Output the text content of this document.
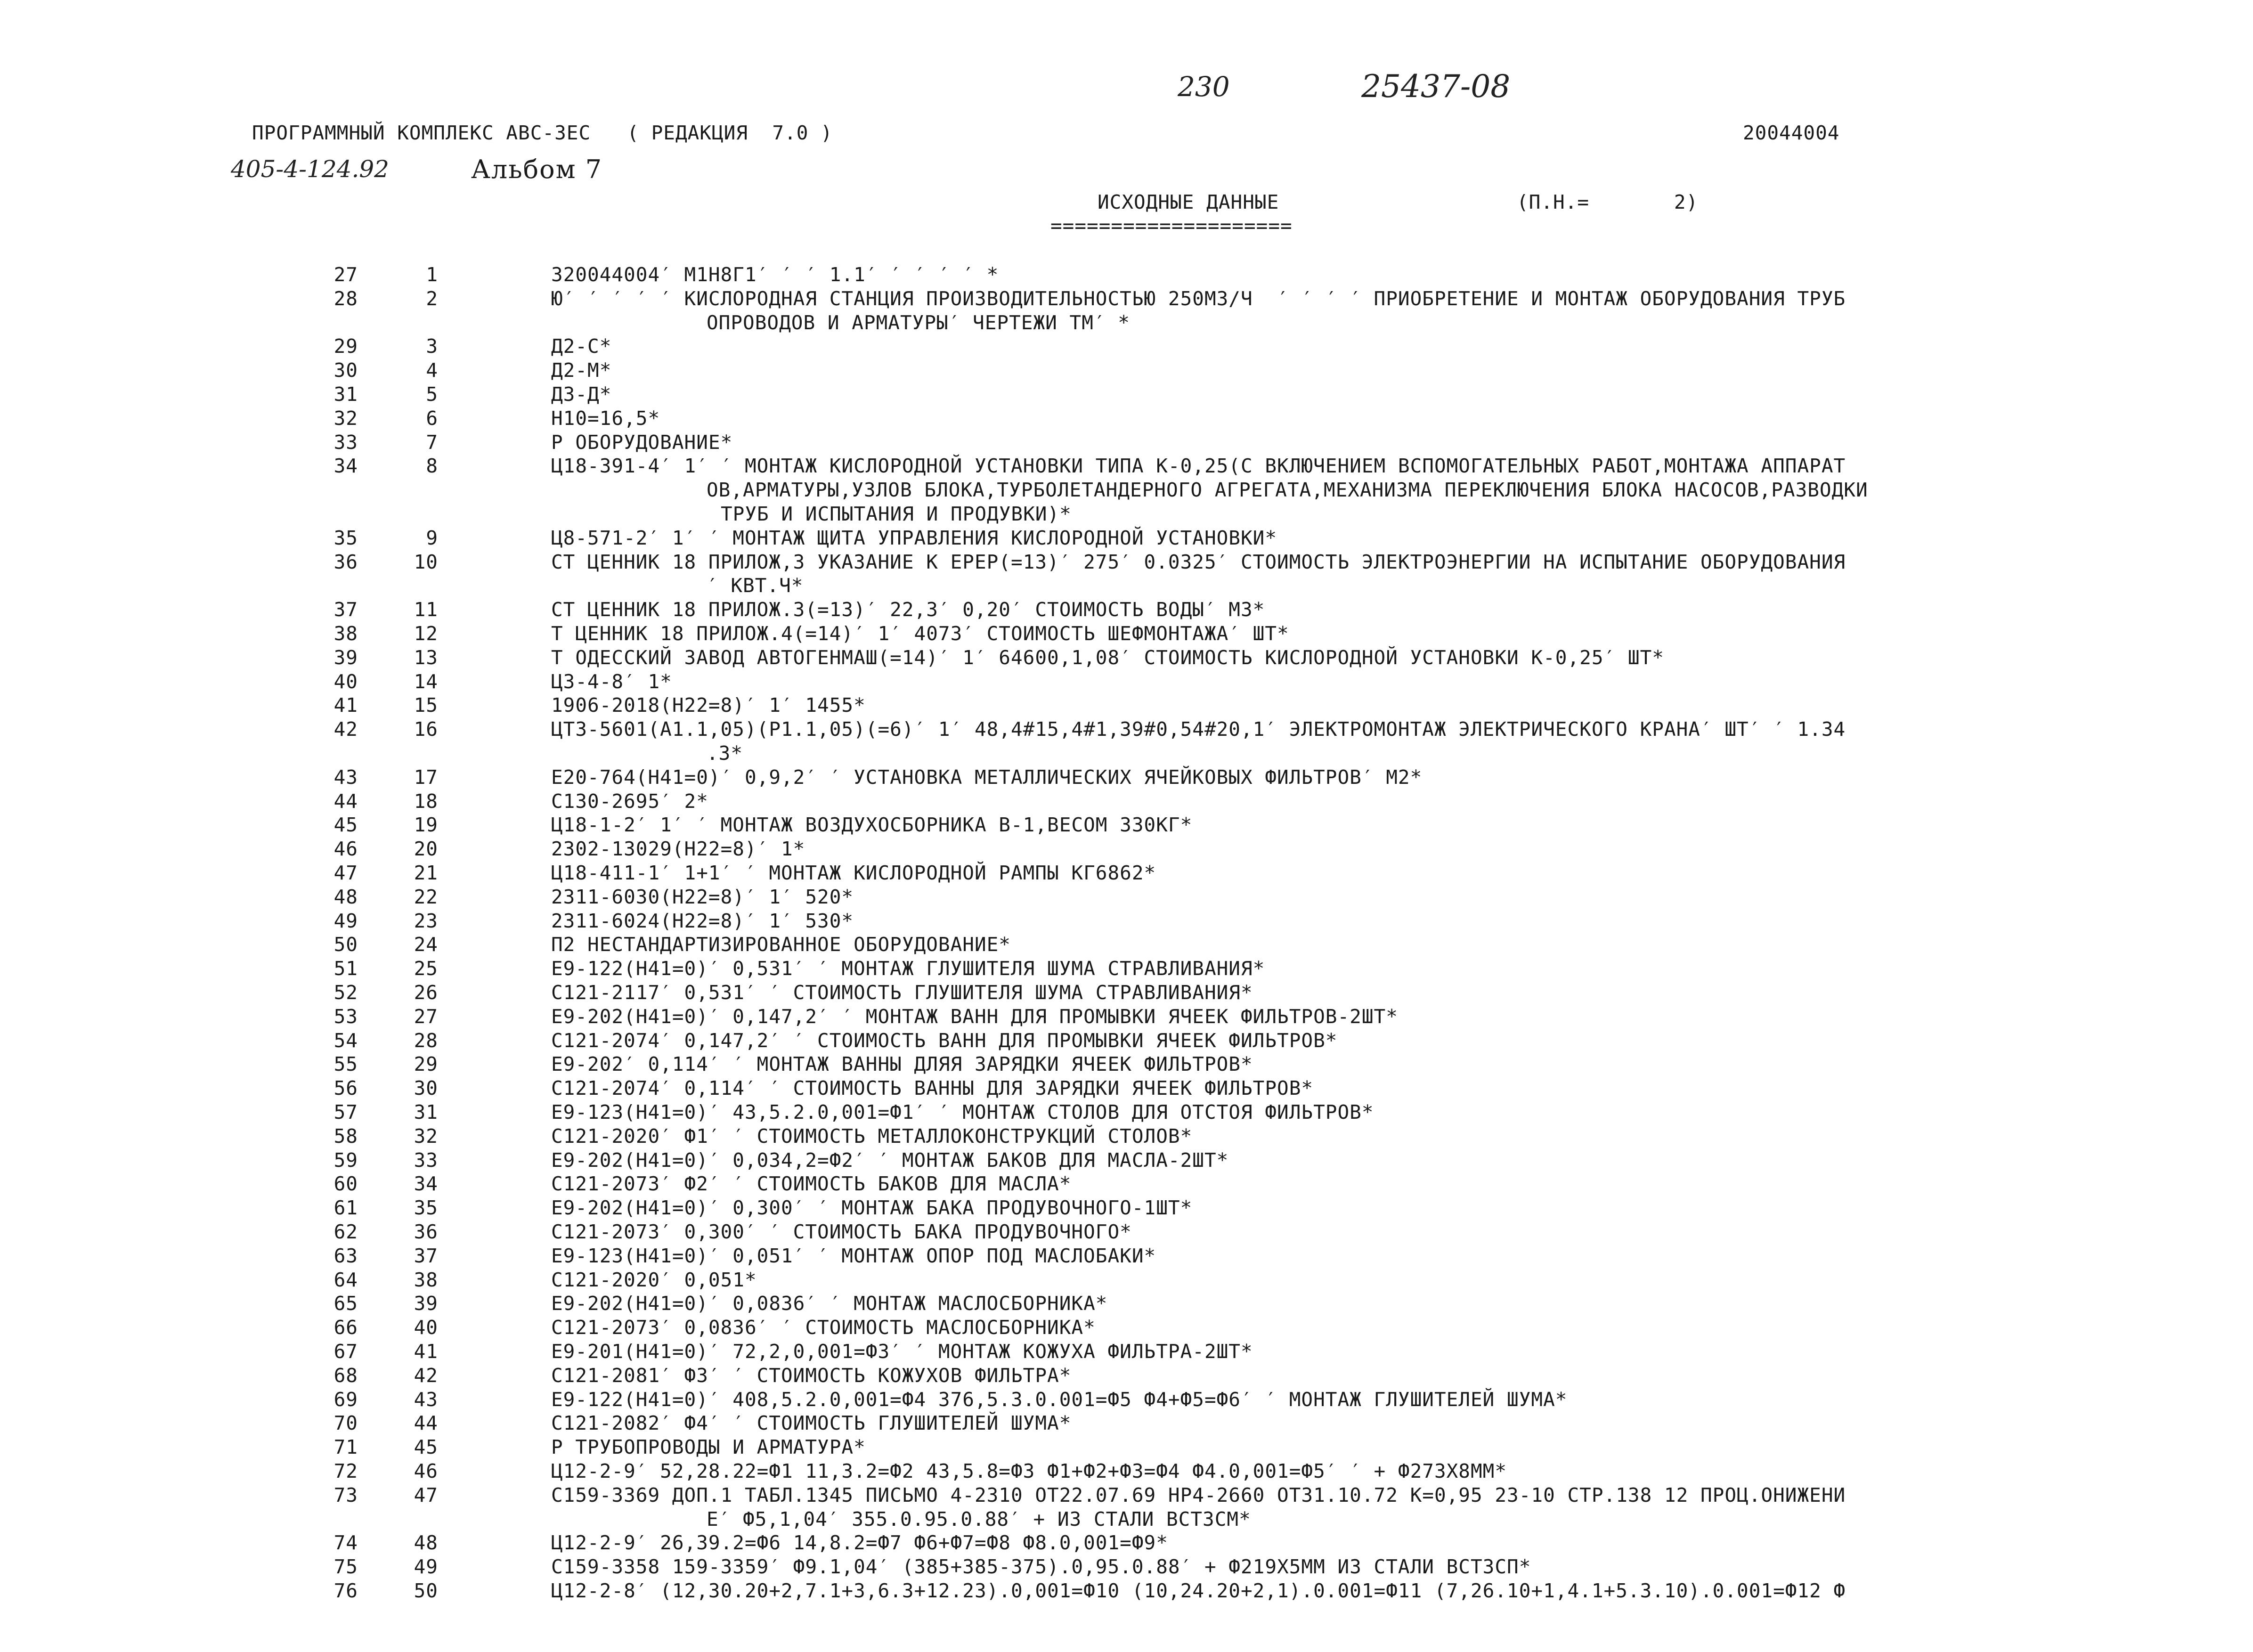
230	25437-08
ПРОГРАММНЫЙ КОМПЛЕКС АВС-3ЕС   ( РЕДАКЦИЯ  7.0 )	20044004
405-4-124.92	Альбом 7
ИСХОДНЫЕ ДАННЫЕ
====================
(П.Н.=       2)
27	1	320044004′ М1Н8Г1′ ′ ′ 1.1′ ′ ′ ′ ′ *
28	2	Ю′ ′ ′ ′ ′ КИСЛОРОДНАЯ СТАНЦИЯ ПРОИЗВОДИТЕЛЬНОСТЬЮ 250М3/Ч  ′ ′ ′ ′ ПРИОБРЕТЕНИЕ И МОНТАЖ ОБОРУДОВАНИЯ ТРУБ
ОПРОВОДОВ И АРМАТУРЫ′ ЧЕРТЕЖИ ТМ′ *
29	3	Д2-С*
30	4	Д2-М*
31	5	Д3-Д*
32	6	Н10=16,5*
33	7	Р ОБОРУДОВАНИЕ*
34	8	Ц18-391-4′ 1′ ′ МОНТАЖ КИСЛОРОДНОЙ УСТАНОВКИ ТИПА К-0,25(С ВКЛЮЧЕНИЕМ ВСПОМОГАТЕЛЬНЫХ РАБОТ,МОНТАЖА АППАРАТ
ОВ,АРМАТУРЫ,УЗЛОВ БЛОКА,ТУРБОЛЕТАНДЕРНОГО АГРЕГАТА,МЕХАНИЗМА ПЕРЕКЛЮЧЕНИЯ БЛОКА НАСОСОВ,РАЗВОДКИ
ТРУБ И ИСПЫТАНИЯ И ПРОДУВКИ)*
35	9	Ц8-571-2′ 1′ ′ МОНТАЖ ЩИТА УПРАВЛЕНИЯ КИСЛОРОДНОЙ УСТАНОВКИ*
36	10	СТ ЦЕННИК 18 ПРИЛОЖ,3 УКАЗАНИЕ К ЕРЕР(=13)′ 275′ 0.0325′ СТОИМОСТЬ ЭЛЕКТРОЭНЕРГИИ НА ИСПЫТАНИЕ ОБОРУДОВАНИЯ
′ КВТ.Ч*
37	11	СТ ЦЕННИК 18 ПРИЛОЖ.3(=13)′ 22,3′ 0,20′ СТОИМОСТЬ ВОДЫ′ М3*
38	12	Т ЦЕННИК 18 ПРИЛОЖ.4(=14)′ 1′ 4073′ СТОИМОСТЬ ШЕФМОНТАЖА′ ШТ*
39	13	Т ОДЕССКИЙ ЗАВОД АВТОГЕНМАШ(=14)′ 1′ 64600,1,08′ СТОИМОСТЬ КИСЛОРОДНОЙ УСТАНОВКИ К-0,25′ ШТ*
40	14	Ц3-4-8′ 1*
41	15	1906-2018(Н22=8)′ 1′ 1455*
42	16	ЦТ3-5601(А1.1,05)(Р1.1,05)(=6)′ 1′ 48,4#15,4#1,39#0,54#20,1′ ЭЛЕКТРОМОНТАЖ ЭЛЕКТРИЧЕСКОГО КРАНА′ ШТ′ ′ 1.34
.3*
43	17	Е20-764(Н41=0)′ 0,9,2′ ′ УСТАНОВКА МЕТАЛЛИЧЕСКИХ ЯЧЕЙКОВЫХ ФИЛЬТРОВ′ М2*
44	18	С130-2695′ 2*
45	19	Ц18-1-2′ 1′ ′ МОНТАЖ ВОЗДУХОСБОРНИКА В-1,ВЕСОМ 330КГ*
46	20	2302-13029(Н22=8)′ 1*
47	21	Ц18-411-1′ 1+1′ ′ МОНТАЖ КИСЛОРОДНОЙ РАМПЫ КГ6862*
48	22	2311-6030(Н22=8)′ 1′ 520*
49	23	2311-6024(Н22=8)′ 1′ 530*
50	24	П2 НЕСТАНДАРТИЗИРОВАННОЕ ОБОРУДОВАНИЕ*
51	25	Е9-122(Н41=0)′ 0,531′ ′ МОНТАЖ ГЛУШИТЕЛЯ ШУМА СТРАВЛИВАНИЯ*
52	26	С121-2117′ 0,531′ ′ СТОИМОСТЬ ГЛУШИТЕЛЯ ШУМА СТРАВЛИВАНИЯ*
53	27	Е9-202(Н41=0)′ 0,147,2′ ′ МОНТАЖ ВАНН ДЛЯ ПРОМЫВКИ ЯЧЕЕК ФИЛЬТРОВ-2ШТ*
54	28	С121-2074′ 0,147,2′ ′ СТОИМОСТЬ ВАНН ДЛЯ ПРОМЫВКИ ЯЧЕЕК ФИЛЬТРОВ*
55	29	Е9-202′ 0,114′ ′ МОНТАЖ ВАННЫ ДЛЯЯ ЗАРЯДКИ ЯЧЕЕК ФИЛЬТРОВ*
56	30	С121-2074′ 0,114′ ′ СТОИМОСТЬ ВАННЫ ДЛЯ ЗАРЯДКИ ЯЧЕЕК ФИЛЬТРОВ*
57	31	Е9-123(Н41=0)′ 43,5.2.0,001=Ф1′ ′ МОНТАЖ СТОЛОВ ДЛЯ ОТСТОЯ ФИЛЬТРОВ*
58	32	С121-2020′ Ф1′ ′ СТОИМОСТЬ МЕТАЛЛОКОНСТРУКЦИЙ СТОЛОВ*
59	33	Е9-202(Н41=0)′ 0,034,2=Ф2′ ′ МОНТАЖ БАКОВ ДЛЯ МАСЛА-2ШТ*
60	34	С121-2073′ Ф2′ ′ СТОИМОСТЬ БАКОВ ДЛЯ МАСЛА*
61	35	Е9-202(Н41=0)′ 0,300′ ′ МОНТАЖ БАКА ПРОДУВОЧНОГО-1ШТ*
62	36	С121-2073′ 0,300′ ′ СТОИМОСТЬ БАКА ПРОДУВОЧНОГО*
63	37	Е9-123(Н41=0)′ 0,051′ ′ МОНТАЖ ОПОР ПОД МАСЛОБАКИ*
64	38	С121-2020′ 0,051*
65	39	Е9-202(Н41=0)′ 0,0836′ ′ МОНТАЖ МАСЛОСБОРНИКА*
66	40	С121-2073′ 0,0836′ ′ СТОИМОСТЬ МАСЛОСБОРНИКА*
67	41	Е9-201(Н41=0)′ 72,2,0,001=Ф3′ ′ МОНТАЖ КОЖУХА ФИЛЬТРА-2ШТ*
68	42	С121-2081′ Ф3′ ′ СТОИМОСТЬ КОЖУХОВ ФИЛЬТРА*
69	43	Е9-122(Н41=0)′ 408,5.2.0,001=Ф4 376,5.3.0.001=Ф5 Ф4+Ф5=Ф6′ ′ МОНТАЖ ГЛУШИТЕЛЕЙ ШУМА*
70	44	С121-2082′ Ф4′ ′ СТОИМОСТЬ ГЛУШИТЕЛЕЙ ШУМА*
71	45	Р ТРУБОПРОВОДЫ И АРМАТУРА*
72	46	Ц12-2-9′ 52,28.22=Ф1 11,3.2=Ф2 43,5.8=Ф3 Ф1+Ф2+Ф3=Ф4 Ф4.0,001=Ф5′ ′ + Ф273Х8ММ*
73	47	С159-3369 ДОП.1 ТАБЛ.1345 ПИСЬМО 4-2310 ОТ22.07.69 НР4-2660 ОТ31.10.72 К=0,95 23-10 СТР.138 12 ПРОЦ.ОНИЖЕНИ
Е′ Ф5,1,04′ 355.0.95.0.88′ + ИЗ СТАЛИ ВСТ3СМ*
74	48	Ц12-2-9′ 26,39.2=Ф6 14,8.2=Ф7 Ф6+Ф7=Ф8 Ф8.0,001=Ф9*
75	49	С159-3358 159-3359′ Ф9.1,04′ (385+385-375).0,95.0.88′ + Ф219Х5ММ ИЗ СТАЛИ ВСТ3СП*
76	50	Ц12-2-8′ (12,30.20+2,7.1+3,6.3+12.23).0,001=Ф10 (10,24.20+2,1).0.001=Ф11 (7,26.10+1,4.1+5.3.10).0.001=Ф12 Ф
